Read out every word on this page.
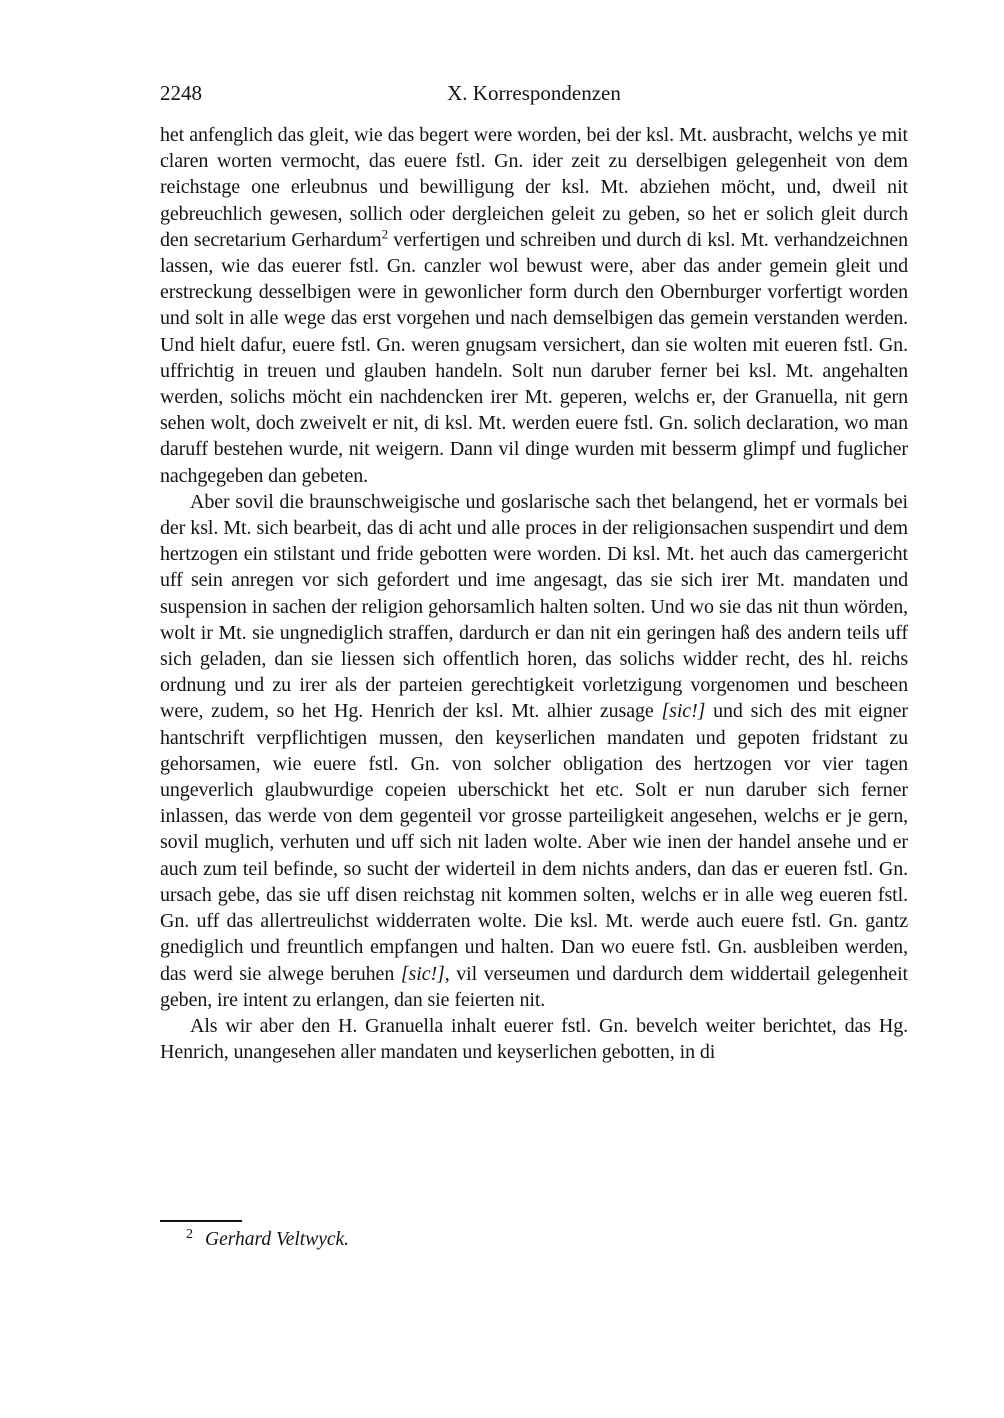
2248	X. Korrespondenzen

het anfenglich das gleit, wie das begert were worden, bei der ksl. Mt. ausbracht, welchs ye mit claren worten vermocht, das euere fstl. Gn. ider zeit zu derselbigen gelegenheit von dem reichstage one erleubnus und bewilligung der ksl. Mt. abziehen möcht, und, dweil nit gebreuchlich gewesen, sollich oder dergleichen geleit zu geben, so het er solich gleit durch den secretarium Gerhardum$^2$ verfertigen und schreiben und durch di ksl. Mt. verhandzeichnen lassen, wie das euerer fstl. Gn. canzler wol bewust were, aber das ander gemein gleit und erstreckung desselbigen were in gewonlicher form durch den Obernburger vorfertigt worden und solt in alle wege das erst vorgehen und nach demselbigen das gemein verstanden werden. Und hielt dafur, euere fstl. Gn. weren gnugsam versichert, dan sie wolten mit eueren fstl. Gn. uffrichtig in treuen und glauben handeln. Solt nun daruber ferner bei ksl. Mt. angehalten werden, solichs möcht ein nachdencken irer Mt. geperen, welchs er, der Granuella, nit gern sehen wolt, doch zweivelt er nit, di ksl. Mt. werden euere fstl. Gn. solich declaration, wo man daruff bestehen wurde, nit weigern. Dann vil dinge wurden mit besserm glimpf und fuglicher nachgegeben dan gebeten.

Aber sovil die braunschweigische und goslarische sach thet belangend, het er vormals bei der ksl. Mt. sich bearbeit, das di acht und alle proces in der religionsachen suspendirt und dem hertzogen ein stilstant und fride gebotten were worden. Di ksl. Mt. het auch das camergericht uff sein anregen vor sich gefordert und ime angesagt, das sie sich irer Mt. mandaten und suspension in sachen der religion gehorsamlich halten solten. Und wo sie das nit thun wörden, wolt ir Mt. sie ungnediglich straffen, dardurch er dan nit ein geringen haß des andern teils uff sich geladen, dan sie liessen sich offentlich horen, das solichs widder recht, des hl. reichs ordnung und zu irer als der parteien gerechtigkeit vorletzigung vorgenomen und bescheen were, zudem, so het Hg. Henrich der ksl. Mt. alhier zusage [sic!] und sich des mit eigner hantschrift verpflichtigen mussen, den keyserlichen mandaten und gepoten fridstant zu gehorsamen, wie euere fstl. Gn. von solcher obligation des hertzogen vor vier tagen ungeverlich glaubwurdige copeien uberschickt het etc. Solt er nun daruber sich ferner inlassen, das werde von dem gegenteil vor grosse parteiligkeit angesehen, welchs er je gern, sovil muglich, verhuten und uff sich nit laden wolte. Aber wie inen der handel ansehe und er auch zum teil befinde, so sucht der widerteil in dem nichts anders, dan das er eueren fstl. Gn. ursach gebe, das sie uff disen reichstag nit kommen solten, welchs er in alle weg eueren fstl. Gn. uff das allertreulichst widderraten wolte. Die ksl. Mt. werde auch euere fstl. Gn. gantz gnediglich und freuntlich empfangen und halten. Dan wo euere fstl. Gn. ausbleiben werden, das werd sie alwege beruhen [sic!], vil verseumen und dardurch dem widdertail gelegenheit geben, ire intent zu erlangen, dan sie feierten nit.

Als wir aber den H. Granuella inhalt euerer fstl. Gn. bevelch weiter berichtet, das Hg. Henrich, unangesehen aller mandaten und keyserlichen gebotten, in di

$^2$ Gerhard Veltwyck.
